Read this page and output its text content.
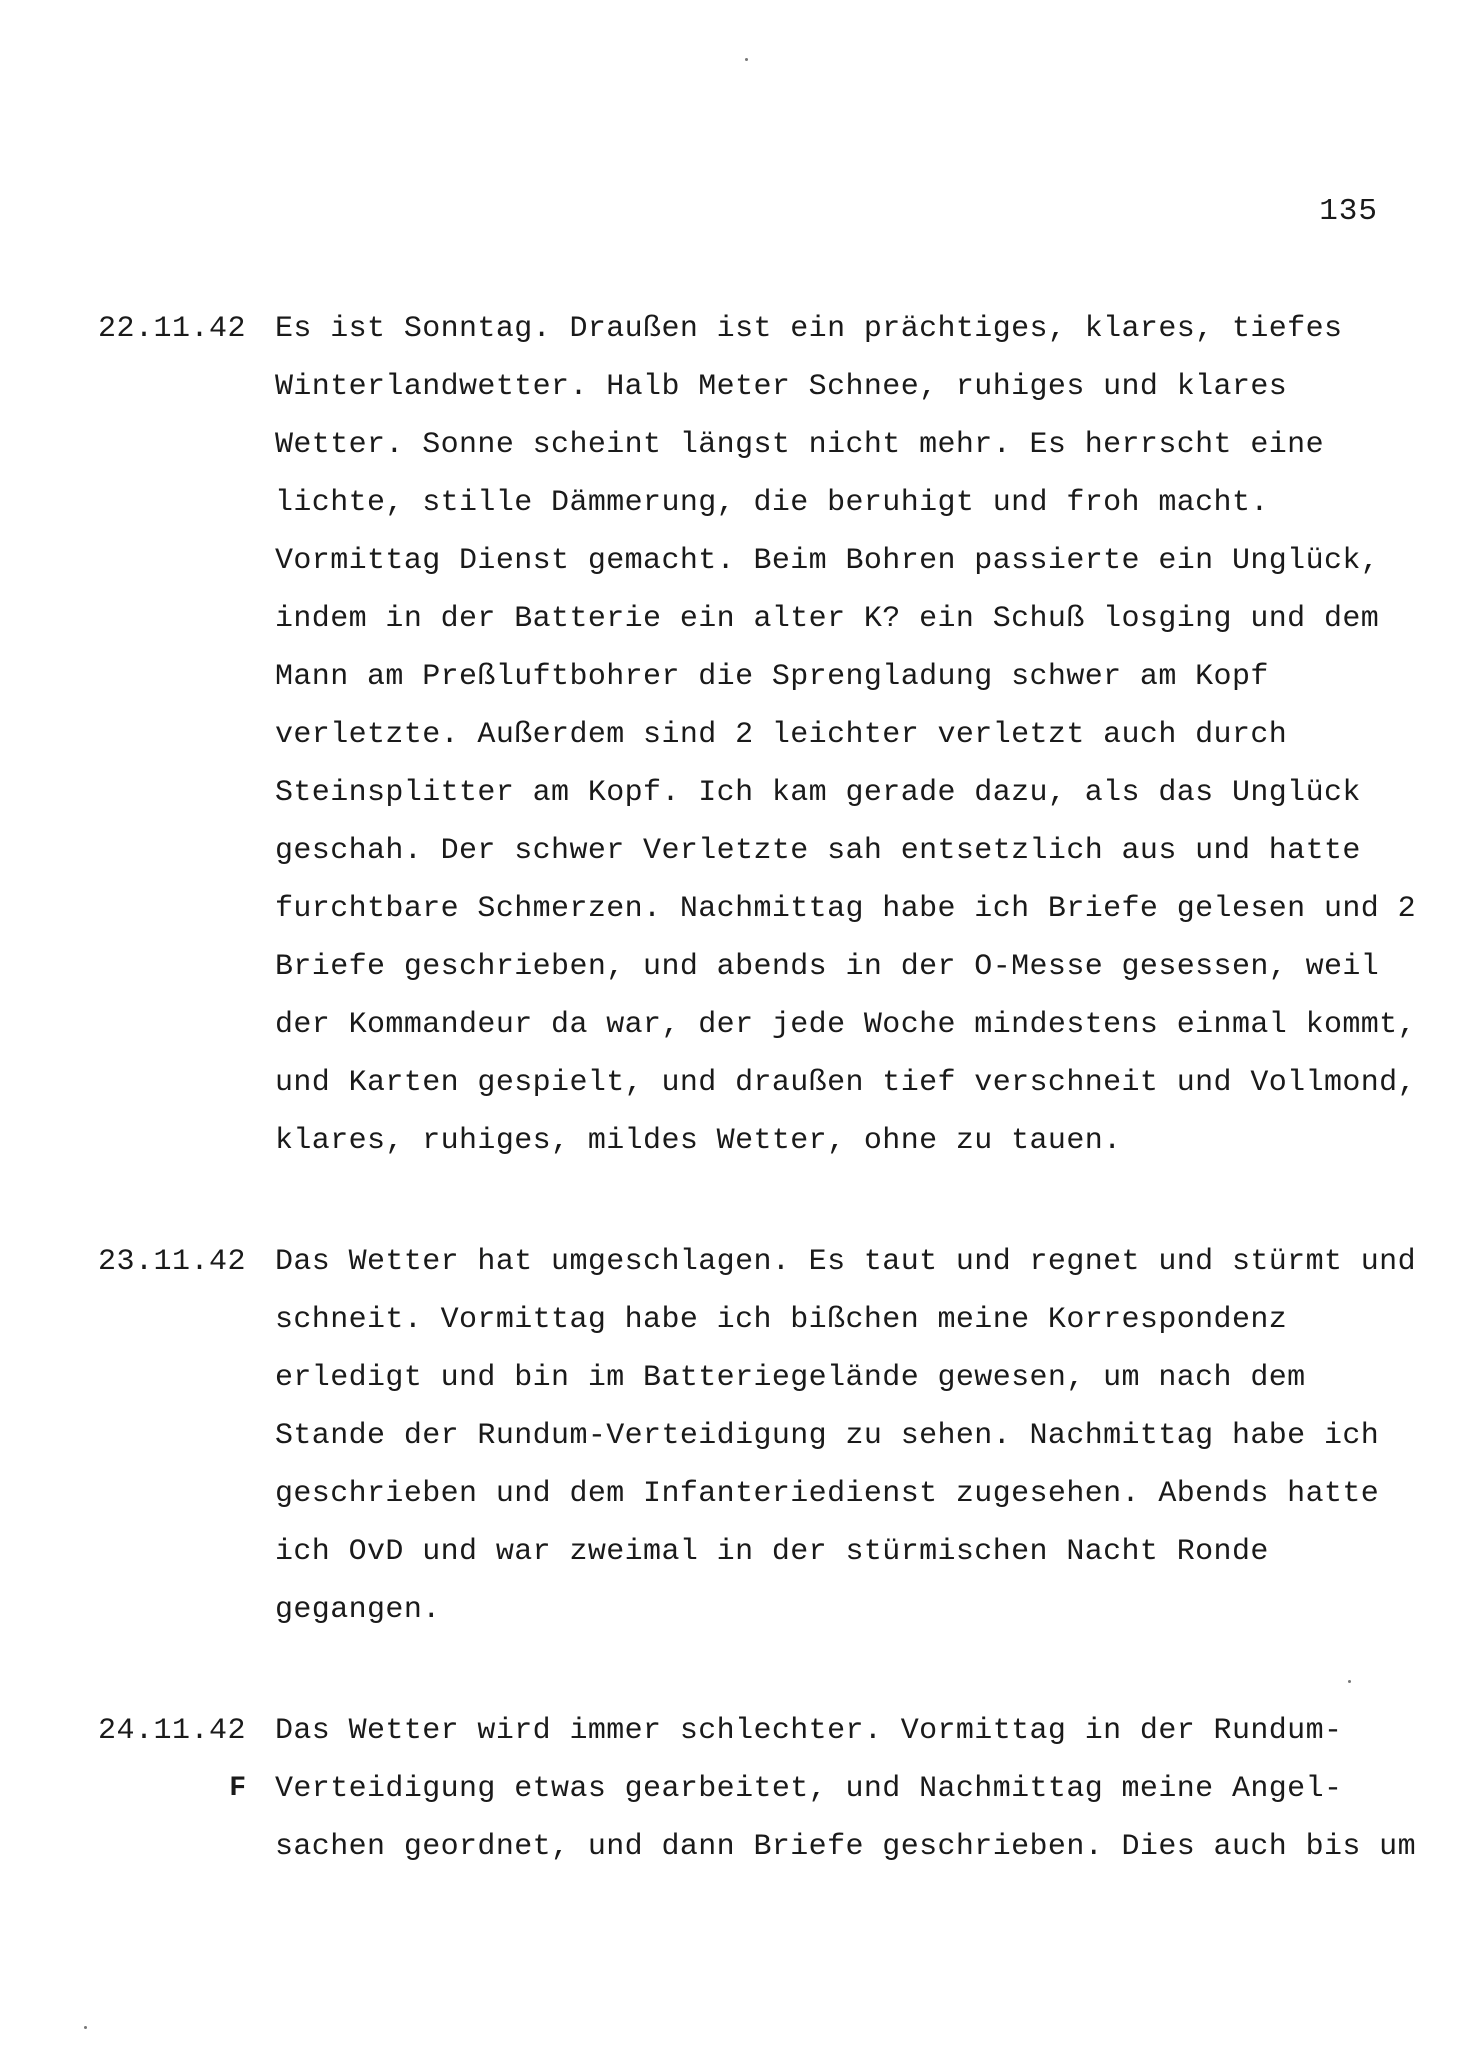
135
22.11.42 Es ist Sonntag. Draußen ist ein prächtiges, klares, tiefes
Winterlandwetter. Halb Meter Schnee, ruhiges und klares
Wetter. Sonne scheint längst nicht mehr. Es herrscht eine
lichte, stille Dämmerung, die beruhigt und froh macht.
Vormittag Dienst gemacht. Beim Bohren passierte ein Unglück,
indem in der Batterie ein alter K? ein Schuß losging und dem
Mann am Preßluftbohrer die Sprengladung schwer am Kopf
verletzte. Außerdem sind 2 leichter verletzt auch durch
Steinsplitter am Kopf. Ich kam gerade dazu, als das Unglück
geschah. Der schwer Verletzte sah entsetzlich aus und hatte
furchtbare Schmerzen. Nachmittag habe ich Briefe gelesen und 2
Briefe geschrieben, und abends in der O-Messe gesessen, weil
der Kommandeur da war, der jede Woche mindestens einmal kommt,
und Karten gespielt, und draußen tief verschneit und Vollmond,
klares, ruhiges, mildes Wetter, ohne zu tauen.
23.11.42 Das Wetter hat umgeschlagen. Es taut und regnet und stürmt und
schneit. Vormittag habe ich bißchen meine Korrespondenz
erledigt und bin im Batteriegelände gewesen, um nach dem
Stande der Rundum-Verteidigung zu sehen. Nachmittag habe ich
geschrieben und dem Infanteriedienst zugesehen. Abends hatte
ich OvD und war zweimal in der stürmischen Nacht Ronde
gegangen.
24.11.42
F
Das Wetter wird immer schlechter. Vormittag in der Rundum-
Verteidigung etwas gearbeitet, und Nachmittag meine Angel-
sachen geordnet, und dann Briefe geschrieben. Dies auch bis um
